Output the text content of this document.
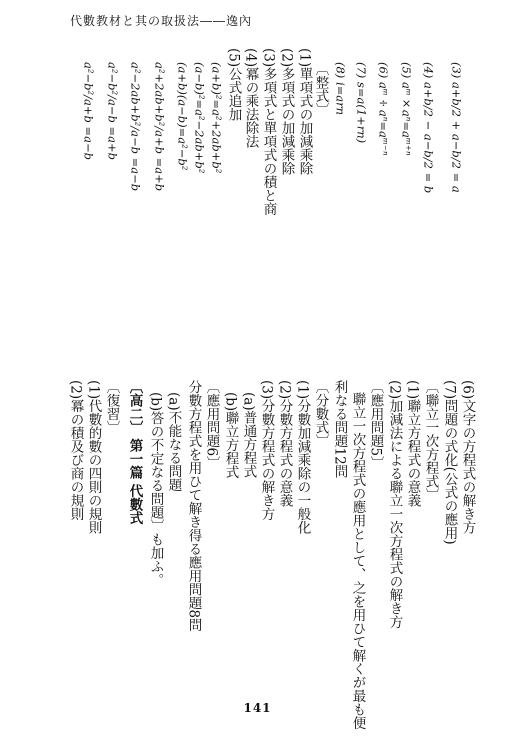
代數教材と其の取扱法――逸內
(3) a+b/2 + a−b/2 = a
(4) a+b/2 − a−b/2 = b
(5) aᵐ×aⁿ=aᵐ⁺ⁿ
(6) aᵐ÷aⁿ=aᵐ⁻ⁿ
(7) s=a(1+rn)
(8) i=arn
〔整式〕
(1)單項式の加減乘除
(2)多項式の加減乘除
(3)多項式と單項式の積と商
(4)冪の乘法除法
(5)公式追加
(a+b)²=a²+2ab+b²
(a−b)²=a²−2ab+b²
(a+b)(a−b)=a²−b²
a²+2ab+b²/a+b =a+b
a²−2ab+b²/a−b =a−b
a²−b²/a−b =a+b
a²−b²/a+b =a−b
(6)文字の方程式の解き方
(7)問題の式化(公式の應用)
〔聯立一次方程式〕
(1)聯立方程式の意義
(2)加減法による聯立一次方程式の解き方
〔應用問題5〕
聯立一次方程式の應用として、之を用ひて解くが最も便
利なる問題12問
〔分數式〕
(1)分數加減乘除の一般化
(2)分數方程式の意義
(3)分數方程式の解き方
(a)普通方程式
(b)聯立方程式
〔應用問題6〕
分數方程式を用ひて解き得る應用問題8問
(a)不能なる問題
(b)答の不定なる問題〕も加ふ。
〔高二〕 第一篇 代數式
〔復習〕
(1)代數的數の四則の規則
(2)冪の積及び商の規則
141
